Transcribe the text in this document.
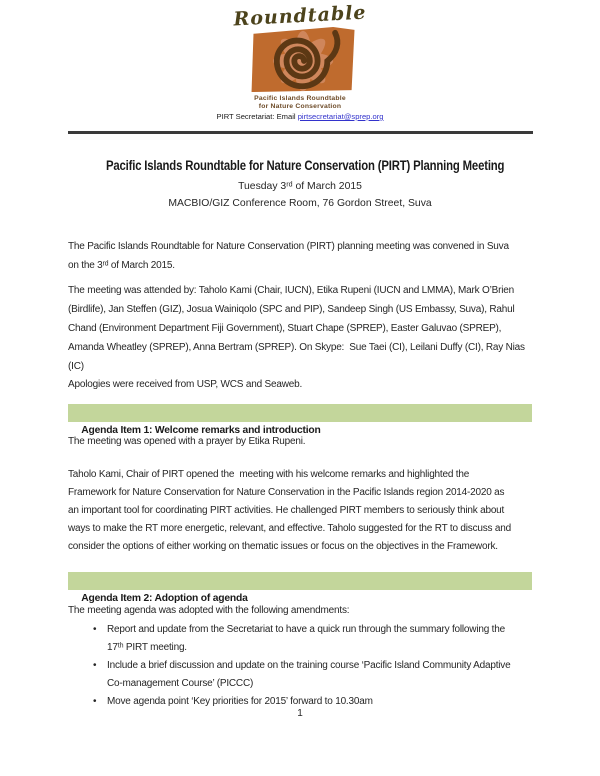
Roundtable
Pacific Islands Roundtable
for Nature Conservation
PIRT Secretariat: Email pirtsecretariat@sprep.org
Pacific Islands Roundtable for Nature Conservation (PIRT) Planning Meeting
Tuesday 3ʳᵈ of March 2015
MACBIO/GIZ Conference Room, 76 Gordon Street, Suva
The Pacific Islands Roundtable for Nature Conservation (PIRT) planning meeting was convened in Suva
on the 3ʳᵈ of March 2015.
The meeting was attended by: Taholo Kami (Chair, IUCN), Etika Rupeni (IUCN and LMMA), Mark O’Brien
(Birdlife), Jan Steffen (GIZ), Josua Wainiqolo (SPC and PIP), Sandeep Singh (US Embassy, Suva), Rahul
Chand (Environment Department Fiji Government), Stuart Chape (SPREP), Easter Galuvao (SPREP),
Amanda Wheatley (SPREP), Anna Bertram (SPREP). On Skype:  Sue Taei (CI), Leilani Duffy (CI), Ray Nias
(IC)
Apologies were received from USP, WCS and Seaweb.

Agenda Item 1: Welcome remarks and introduction

The meeting was opened with a prayer by Etika Rupeni.
Taholo Kami, Chair of PIRT opened the  meeting with his welcome remarks and highlighted the
Framework for Nature Conservation for Nature Conservation in the Pacific Islands region 2014-2020 as
an important tool for coordinating PIRT activities. He challenged PIRT members to seriously think about
ways to make the RT more energetic, relevant, and effective. Taholo suggested for the RT to discuss and
consider the options of either working on thematic issues or focus on the objectives in the Framework.

Agenda Item 2: Adoption of agenda

The meeting agenda was adopted with the following amendments:
• Report and update from the Secretariat to have a quick run through the summary following the
17ᵗʰ PIRT meeting.
• Include a brief discussion and update on the training course ‘Pacific Island Community Adaptive
Co-management Course’ (PICCC)
• Move agenda point ‘Key priorities for 2015’ forward to 10.30am
1
